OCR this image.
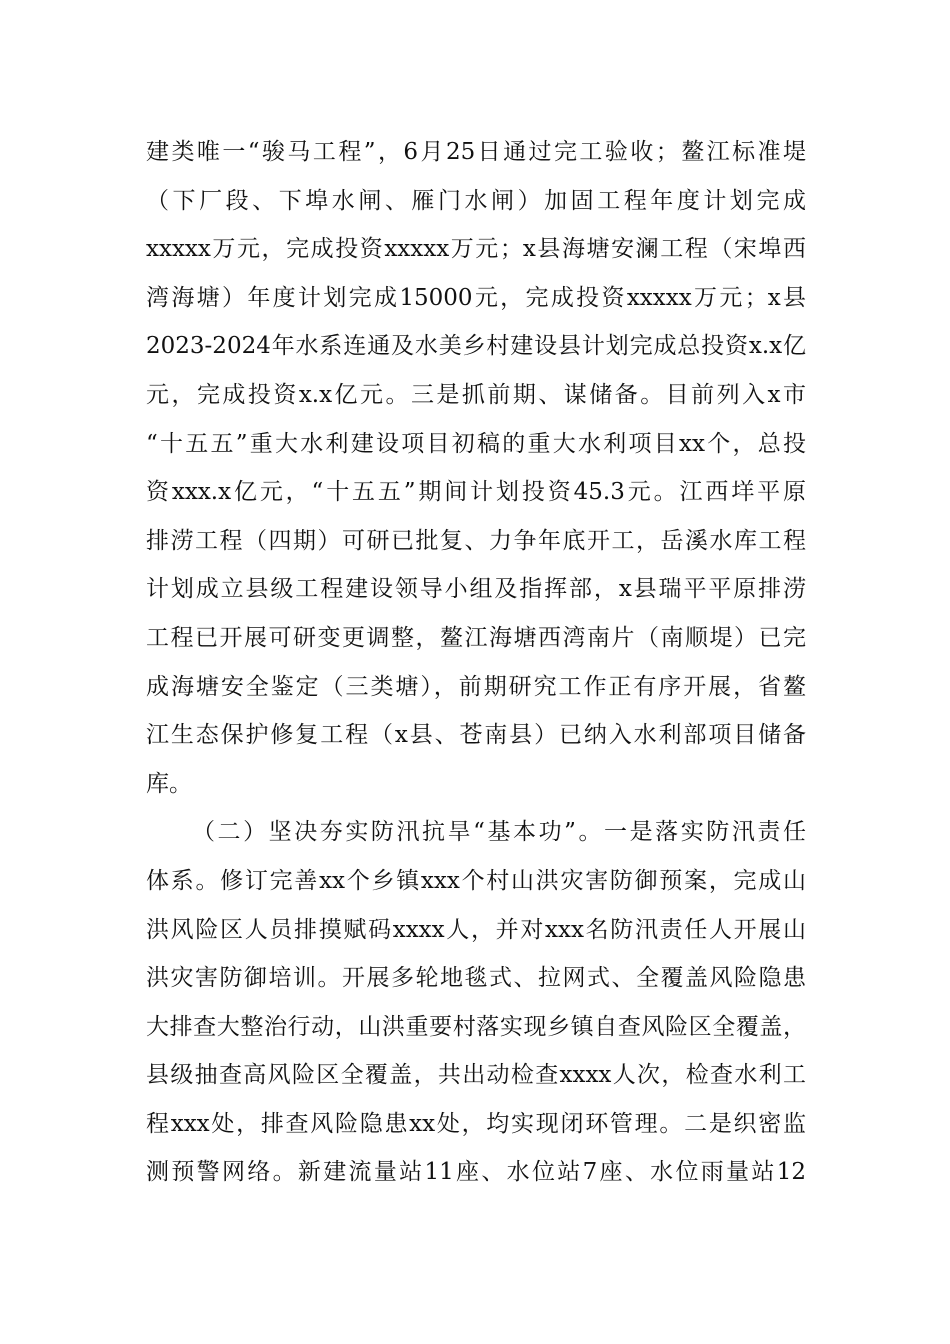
建类唯一“骏马工程”，6月25日通过完工验收；鳌江标准堤
（下厂段、下埠水闸、雁门水闸）加固工程年度计划完成
xxxxx万元，完成投资xxxxx万元；x县海塘安澜工程（宋埠西
湾海塘）年度计划完成15000元，完成投资xxxxx万元；x县
2023-2024年水系连通及水美乡村建设县计划完成总投资x.x亿
元，完成投资x.x亿元。三是抓前期、谋储备。目前列入x市
“十五五”重大水利建设项目初稿的重大水利项目xx个，总投
资xxx.x亿元，“十五五”期间计划投资45.3元。江西垟平原
排涝工程（四期）可研已批复、力争年底开工，岳溪水库工程
计划成立县级工程建设领导小组及指挥部，x县瑞平平原排涝
工程已开展可研变更调整，鳌江海塘西湾南片（南顺堤）已完
成海塘安全鉴定（三类塘），前期研究工作正有序开展，省鳌
江生态保护修复工程（x县、苍南县）已纳入水利部项目储备
库。
（二）坚决夯实防汛抗旱“基本功”。一是落实防汛责任
体系。修订完善xx个乡镇xxx个村山洪灾害防御预案，完成山
洪风险区人员排摸赋码xxxx人，并对xxx名防汛责任人开展山
洪灾害防御培训。开展多轮地毯式、拉网式、全覆盖风险隐患
大排查大整治行动，山洪重要村落实现乡镇自查风险区全覆盖，
县级抽查高风险区全覆盖，共出动检查xxxx人次，检查水利工
程xxx处，排查风险隐患xx处，均实现闭环管理。二是织密监
测预警网络。新建流量站11座、水位站7座、水位雨量站12
